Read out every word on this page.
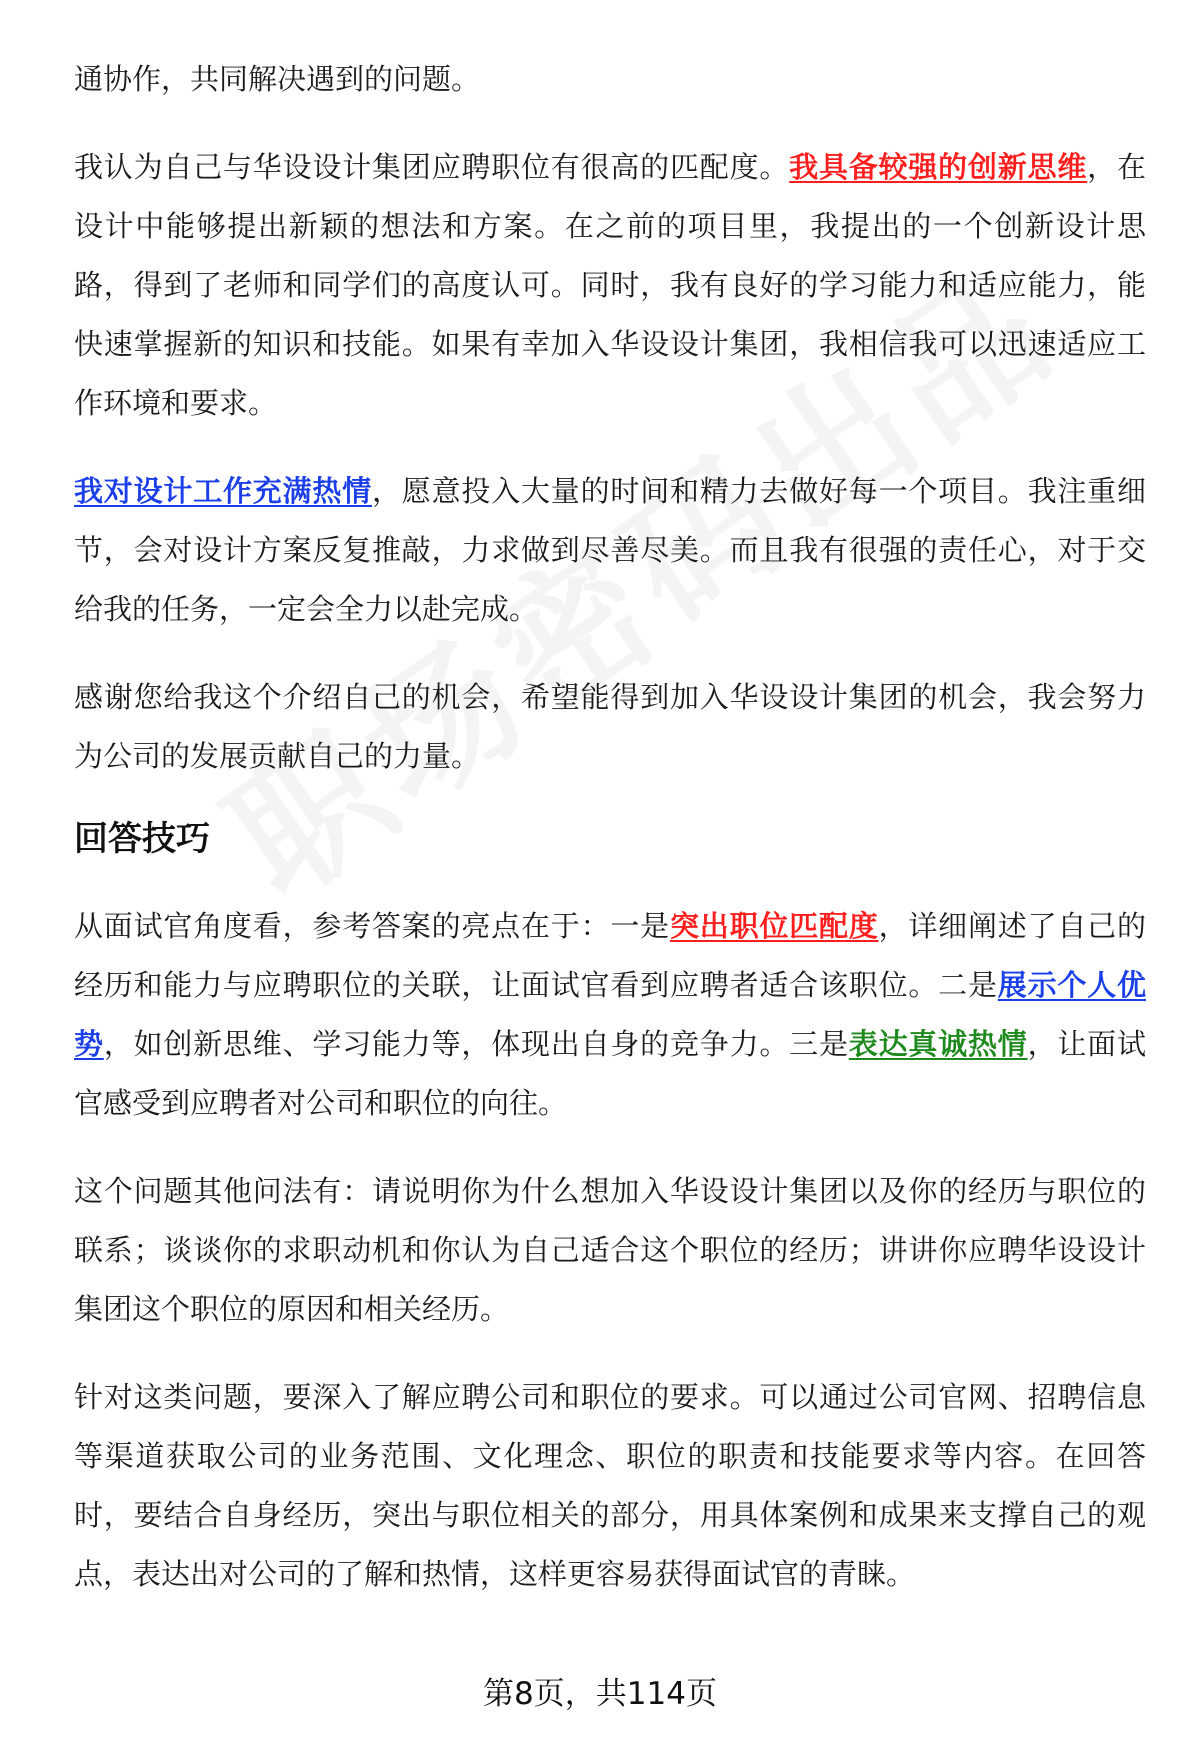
通协作，共同解决遇到的问题。

我认为自己与华设设计集团应聘职位有很高的匹配度。我具备较强的创新思维，在设计中能够提出新颖的想法和方案。在之前的项目里，我提出的一个创新设计思路，得到了老师和同学们的高度认可。同时，我有良好的学习能力和适应能力，能快速掌握新的知识和技能。如果有幸加入华设设计集团，我相信我可以迅速适应工作环境和要求。

我对设计工作充满热情，愿意投入大量的时间和精力去做好每一个项目。我注重细节，会对设计方案反复推敲，力求做到尽善尽美。而且我有很强的责任心，对于交给我的任务，一定会全力以赴完成。

感谢您给我这个介绍自己的机会，希望能得到加入华设设计集团的机会，我会努力为公司的发展贡献自己的力量。

回答技巧

从面试官角度看，参考答案的亮点在于：一是突出职位匹配度，详细阐述了自己的经历和能力与应聘职位的关联，让面试官看到应聘者适合该职位。二是展示个人优势，如创新思维、学习能力等，体现出自身的竞争力。三是表达真诚热情，让面试官感受到应聘者对公司和职位的向往。

这个问题其他问法有：请说明你为什么想加入华设设计集团以及你的经历与职位的联系；谈谈你的求职动机和你认为自己适合这个职位的经历；讲讲你应聘华设设计集团这个职位的原因和相关经历。

针对这类问题，要深入了解应聘公司和职位的要求。可以通过公司官网、招聘信息等渠道获取公司的业务范围、文化理念、职位的职责和技能要求等内容。在回答时，要结合自身经历，突出与职位相关的部分，用具体案例和成果来支撑自己的观点，表达出对公司的了解和热情，这样更容易获得面试官的青睐。

第8页，共114页
